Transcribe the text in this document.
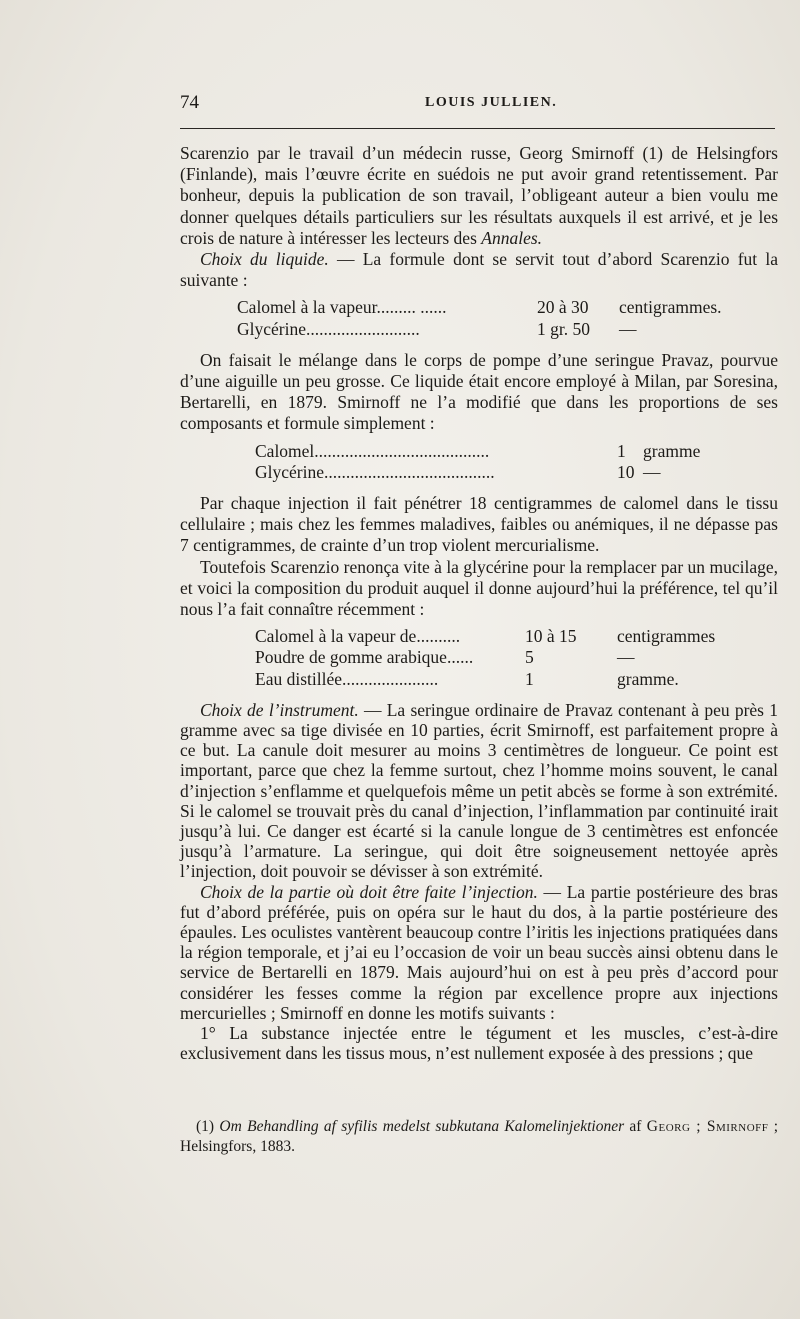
74	LOUIS JULLIEN.

Scarenzio par le travail d’un médecin russe, Georg Smirnoff (1) de Helsingfors (Finlande), mais l’œuvre écrite en suédois ne put avoir grand retentissement. Par bonheur, depuis la publication de son travail, l’obligeant auteur a bien voulu me donner quelques détails particuliers sur les résultats auxquels il est arrivé, et je les crois de nature à intéresser les lecteurs des Annales.

Choix du liquide. — La formule dont se servit tout d’abord Scarenzio fut la suivante :

Calomel à la vapeur......... ......	20 à 30	centigrammes.
Glycérine..........................	1 gr. 50	—

On faisait le mélange dans le corps de pompe d’une seringue Pravaz, pourvue d’une aiguille un peu grosse. Ce liquide était encore employé à Milan, par Soresina, Bertarelli, en 1879. Smirnoff ne l’a modifié que dans les proportions de ses composants et formule simplement :

Calomel........................................	1 gramme
Glycérine.......................................	10 —

Par chaque injection il fait pénétrer 18 centigrammes de calomel dans le tissu cellulaire ; mais chez les femmes maladives, faibles ou anémiques, il ne dépasse pas 7 centigrammes, de crainte d’un trop violent mercurialisme.

Toutefois Scarenzio renonça vite à la glycérine pour la remplacer par un mucilage, et voici la composition du produit auquel il donne aujourd’hui la préférence, tel qu’il nous l’a fait connaître récemment :

Calomel à la vapeur de..........	10 à 15	centigrammes
Poudre de gomme arabique......	5	—
Eau distillée......................	1	gramme.

Choix de l’instrument. — La seringue ordinaire de Pravaz contenant à peu près 1 gramme avec sa tige divisée en 10 parties, écrit Smirnoff, est parfaitement propre à ce but. La canule doit mesurer au moins 3 centimètres de longueur. Ce point est important, parce que chez la femme surtout, chez l’homme moins souvent, le canal d’injection s’enflamme et quelquefois même un petit abcès se forme à son extrémité. Si le calomel se trouvait près du canal d’injection, l’inflammation par continuité irait jusqu’à lui. Ce danger est écarté si la canule longue de 3 centimètres est enfoncée jusqu’à l’armature. La seringue, qui doit être soigneusement nettoyée après l’injection, doit pouvoir se dévisser à son extrémité.

Choix de la partie où doit être faite l’injection. — La partie postérieure des bras fut d’abord préférée, puis on opéra sur le haut du dos, à la partie postérieure des épaules. Les oculistes vantèrent beaucoup contre l’iritis les injections pratiquées dans la région temporale, et j’ai eu l’occasion de voir un beau succès ainsi obtenu dans le service de Bertarelli en 1879. Mais aujourd’hui on est à peu près d’accord pour considérer les fesses comme la région par excellence propre aux injections mercurielles ; Smirnoff en donne les motifs suivants :

1° La substance injectée entre le tégument et les muscles, c’est-à-dire exclusivement dans les tissus mous, n’est nullement exposée à des pressions ; que

(1) Om Behandling af syfilis medelst subkutana Kalomelinjektioner af Georg ; Smirnoff ; Helsingfors, 1883.
